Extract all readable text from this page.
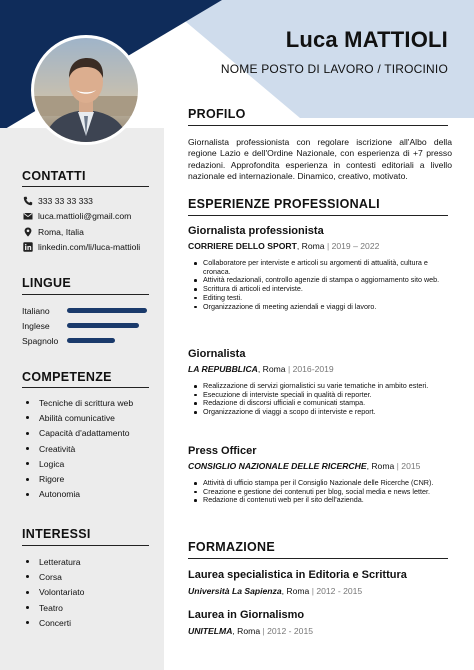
Luca MATTIOLI
NOME POSTO DI LAVORO / TIROCINIO
CONTATTI
333 33 33 333
luca.mattioli@gmail.com
Roma, Italia
linkedin.com/li/luca-mattioli
LINGUE
Italiano
Inglese
Spagnolo
COMPETENZE
Tecniche di scrittura web
Abilità comunicative
Capacità d'adattamento
Creatività
Logica
Rigore
Autonomia
INTERESSI
Letteratura
Corsa
Volontariato
Teatro
Concerti
PROFILO
Giornalista professionista con regolare iscrizione all'Albo della regione Lazio e dell'Ordine Nazionale, con esperienza di +7 presso redazioni. Approfondita esperienza in contesti editoriali a livello nazionale ed internazionale. Dinamico, creativo, motivato.
ESPERIENZE PROFESSIONALI
Giornalista professionista
CORRIERE DELLO SPORT, Roma | 2019 – 2022
Collaboratore per interviste e articoli su argomenti di attualità, cultura e cronaca.
Attività redazionali, controllo agenzie di stampa o aggiornamento sito web.
Scrittura di articoli ed interviste.
Editing testi.
Organizzazione di meeting aziendali e viaggi di lavoro.
Giornalista
LA REPUBBLICA, Roma | 2016-2019
Realizzazione di servizi giornalistici su varie tematiche in ambito esteri.
Esecuzione di interviste speciali in qualità di reporter.
Redazione di discorsi ufficiali e comunicati stampa.
Organizzazione di viaggi a scopo di interviste e report.
Press Officer
CONSIGLIO NAZIONALE DELLE RICERCHE, Roma | 2015
Attività di ufficio stampa per il Consiglio Nazionale delle Ricerche (CNR).
Creazione e gestione dei contenuti per blog, social media e news letter.
Redazione di contenuti web per il sito dell'azienda.
FORMAZIONE
Laurea specialistica in Editoria e Scrittura
Università La Sapienza, Roma | 2012 - 2015
Laurea in Giornalismo
UNITELMA, Roma | 2012 - 2015
